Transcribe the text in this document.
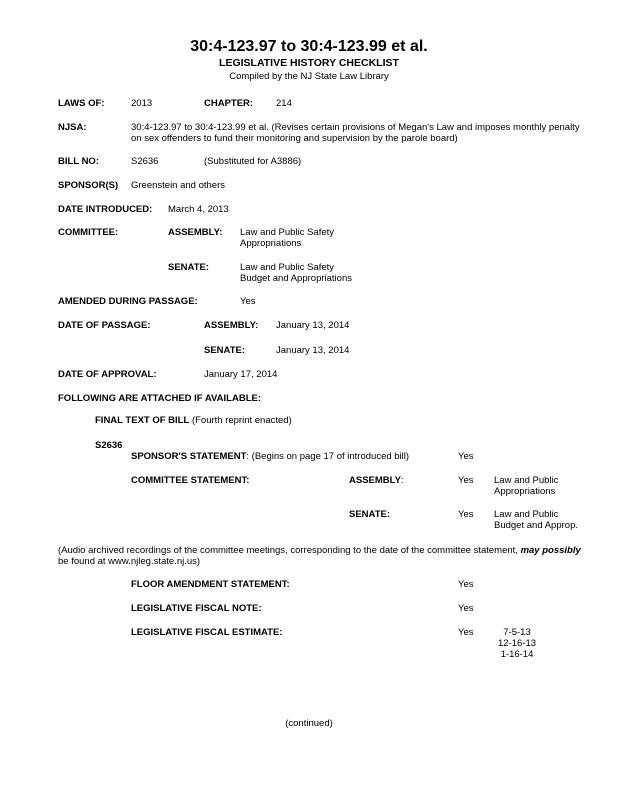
30:4-123.97 to 30:4-123.99 et al.
LEGISLATIVE HISTORY CHECKLIST
Compiled by the NJ State Law Library
LAWS OF:	2013	CHAPTER: 214
NJSA:	30:4-123.97 to 30:4-123.99 et al. (Revises certain provisions of Megan's Law and imposes monthly penalty
on sex offenders to fund their monitoring and supervision by the parole board)
BILL NO:	S2636	(Substituted for A3886)
SPONSOR(S) Greenstein and others
DATE INTRODUCED: March 4, 2013
COMMITTEE:	ASSEMBLY: Law and Public Safety
Appropriations
SENATE:	Law and Public Safety
Budget and Appropriations
AMENDED DURING PASSAGE:	Yes
DATE OF PASSAGE:	ASSEMBLY: January 13, 2014
SENATE:	January 13, 2014
DATE OF APPROVAL:	January 17, 2014
FOLLOWING ARE ATTACHED IF AVAILABLE:
FINAL TEXT OF BILL (Fourth reprint enacted)
S2636
SPONSOR'S STATEMENT: (Begins on page 17 of introduced bill)	Yes
COMMITTEE STATEMENT:	ASSEMBLY:	Yes Law and Public
Appropriations
SENATE:	Yes Law and Public
Budget and Approp.
(Audio archived recordings of the committee meetings, corresponding to the date of the committee statement, may possibly
be found at www.njleg.state.nj.us)
FLOOR AMENDMENT STATEMENT:	Yes
LEGISLATIVE FISCAL NOTE:	Yes
LEGISLATIVE FISCAL ESTIMATE:	Yes	7-5-13
12-16-13
1-16-14
(continued)
